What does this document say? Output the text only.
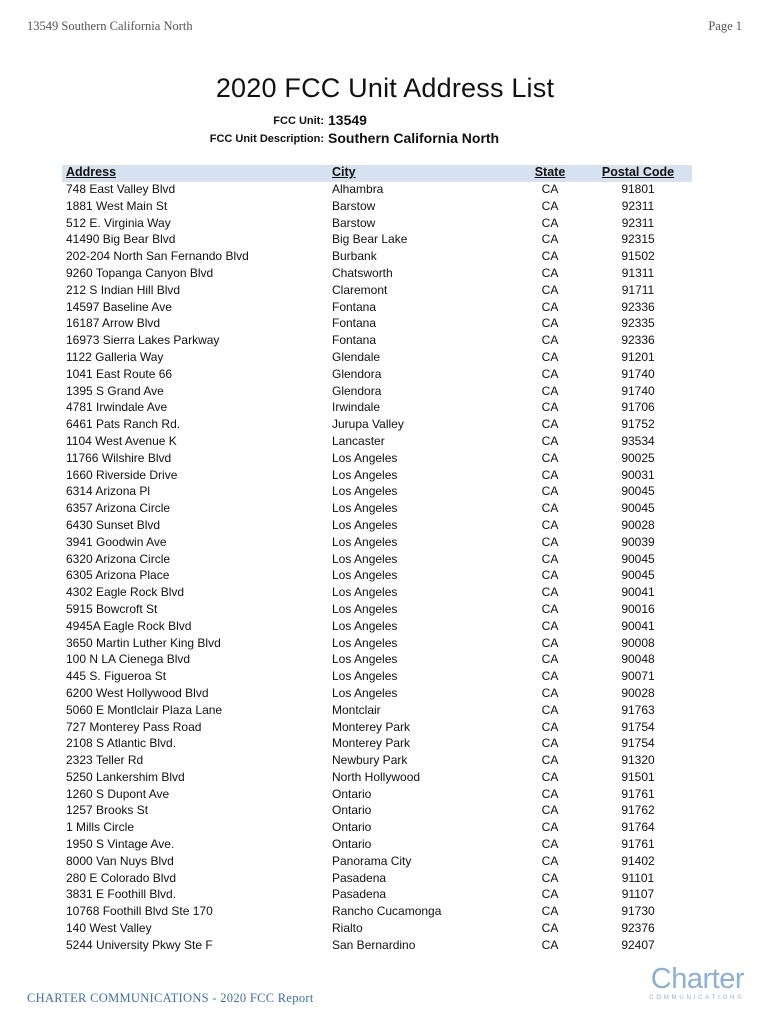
13549 Southern California North	Page 1
2020 FCC Unit Address List
FCC Unit: 13549
FCC Unit Description: Southern California North
Address	City	State	Postal Code
748 East Valley Blvd	Alhambra	CA	91801
1881 West Main St	Barstow	CA	92311
512 E. Virginia Way	Barstow	CA	92311
41490 Big Bear Blvd	Big Bear Lake	CA	92315
202-204 North San Fernando Blvd	Burbank	CA	91502
9260 Topanga Canyon Blvd	Chatsworth	CA	91311
212 S Indian Hill Blvd	Claremont	CA	91711
14597 Baseline Ave	Fontana	CA	92336
16187 Arrow Blvd	Fontana	CA	92335
16973 Sierra Lakes Parkway	Fontana	CA	92336
1122 Galleria Way	Glendale	CA	91201
1041 East Route 66	Glendora	CA	91740
1395 S Grand Ave	Glendora	CA	91740
4781 Irwindale Ave	Irwindale	CA	91706
6461 Pats Ranch Rd.	Jurupa Valley	CA	91752
1104 West Avenue K	Lancaster	CA	93534
11766 Wilshire Blvd	Los Angeles	CA	90025
1660 Riverside Drive	Los Angeles	CA	90031
6314 Arizona Pl	Los Angeles	CA	90045
6357 Arizona Circle	Los Angeles	CA	90045
6430 Sunset Blvd	Los Angeles	CA	90028
3941 Goodwin Ave	Los Angeles	CA	90039
6320 Arizona Circle	Los Angeles	CA	90045
6305 Arizona Place	Los Angeles	CA	90045
4302 Eagle Rock Blvd	Los Angeles	CA	90041
5915 Bowcroft St	Los Angeles	CA	90016
4945A Eagle Rock Blvd	Los Angeles	CA	90041
3650 Martin Luther King Blvd	Los Angeles	CA	90008
100 N LA Cienega Blvd	Los Angeles	CA	90048
445 S. Figueroa St	Los Angeles	CA	90071
6200 West Hollywood Blvd	Los Angeles	CA	90028
5060 E Montlclair Plaza Lane	Montclair	CA	91763
727 Monterey Pass Road	Monterey Park	CA	91754
2108 S Atlantic Blvd.	Monterey Park	CA	91754
2323 Teller Rd	Newbury Park	CA	91320
5250 Lankershim Blvd	North Hollywood	CA	91501
1260 S Dupont Ave	Ontario	CA	91761
1257 Brooks St	Ontario	CA	91762
1 Mills Circle	Ontario	CA	91764
1950 S Vintage Ave.	Ontario	CA	91761
8000 Van Nuys Blvd	Panorama City	CA	91402
280 E Colorado Blvd	Pasadena	CA	91101
3831 E Foothill Blvd.	Pasadena	CA	91107
10768 Foothill Blvd Ste 170	Rancho Cucamonga	CA	91730
140 West Valley	Rialto	CA	92376
5244 University Pkwy Ste F	San Bernardino	CA	92407
CHARTER COMMUNICATIONS - 2020 FCC Report
Charter
COMMUNICATIONS
